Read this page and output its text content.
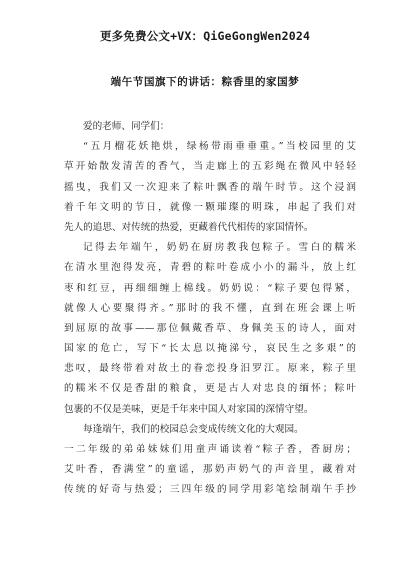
更多免费公文+VX：QiGeGongWen2024
端午节国旗下的讲话：粽香里的家国梦
爱的老师、同学们：
“五月榴花妖艳烘，绿杨带雨垂垂重。”当校园里的艾
草开始散发清苦的香气，当走廊上的五彩绳在微风中轻轻
摇曳，我们又一次迎来了粽叶飘香的端午时节。这个浸润
着千年文明的节日，就像一颗璀璨的明珠，串起了我们对
先人的追思、对传统的热爱，更藏着代代相传的家国情怀。
记得去年端午，奶奶在厨房教我包粽子。雪白的糯米
在清水里泡得发亮，青碧的粽叶卷成小小的漏斗，放上红
枣和红豆，再细细缠上棉线。奶奶说：“粽子要包得紧，
就像人心要聚得齐。”那时的我不懂，直到在班会课上听
到屈原的故事——那位佩戴香草、身佩美玉的诗人，面对
国家的危亡，写下“长太息以掩涕兮，哀民生之多艰”的
悲叹，最终带着对故土的眷恋投身汨罗江。原来，粽子里
的糯米不仅是香甜的粮食，更是古人对忠良的缅怀；粽叶
包裹的不仅是美味，更是千年来中国人对家国的深情守望。
每逢端午，我们的校园总会变成传统文化的大观园。
一二年级的弟弟妹妹们用童声诵读着“粽子香，香厨房；
艾叶香，香满堂”的童谣，那奶声奶气的声音里，藏着对
传统的好奇与热爱；三四年级的同学用彩笔绘制端午手抄
